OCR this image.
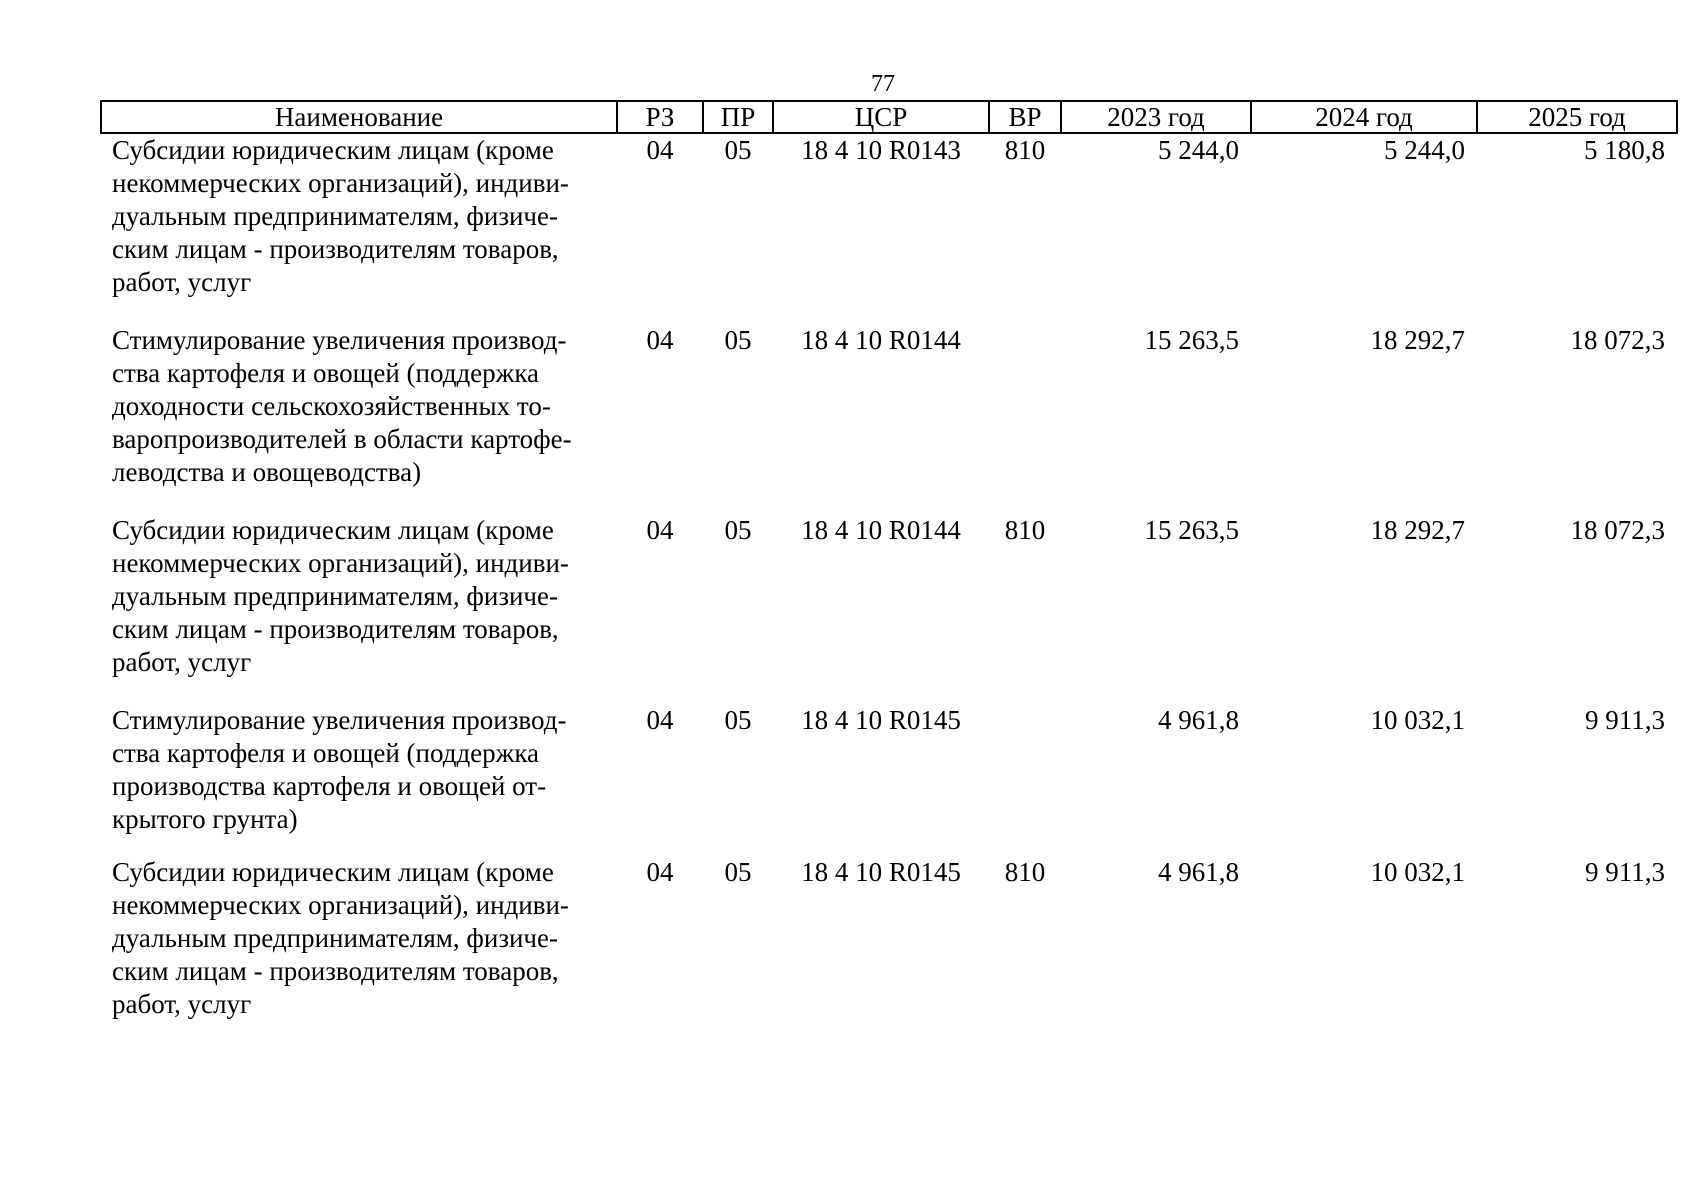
77
Наименование	РЗ	ПР	ЦСР	ВР	2023 год	2024 год	2025 год
Субсидии юридическим лицам (кроме некоммерческих организаций), индиви-дуальным предпринимателям, физиче-ским лицам - производителям товаров, работ, услуг	04	05	18 4 10 R0143	810	5 244,0	5 244,0	5 180,8
Стимулирование увеличения производ-ства картофеля и овощей (поддержка доходности сельскохозяйственных то-варопроизводителей в области картофе-леводства и овощеводства)	04	05	18 4 10 R0144		15 263,5	18 292,7	18 072,3
Субсидии юридическим лицам (кроме некоммерческих организаций), индиви-дуальным предпринимателям, физиче-ским лицам - производителям товаров, работ, услуг	04	05	18 4 10 R0144	810	15 263,5	18 292,7	18 072,3
Стимулирование увеличения производ-ства картофеля и овощей (поддержка производства картофеля и овощей от-крытого грунта)	04	05	18 4 10 R0145		4 961,8	10 032,1	9 911,3
Субсидии юридическим лицам (кроме некоммерческих организаций), индиви-дуальным предпринимателям, физиче-ским лицам - производителям товаров, работ, услуг	04	05	18 4 10 R0145	810	4 961,8	10 032,1	9 911,3
